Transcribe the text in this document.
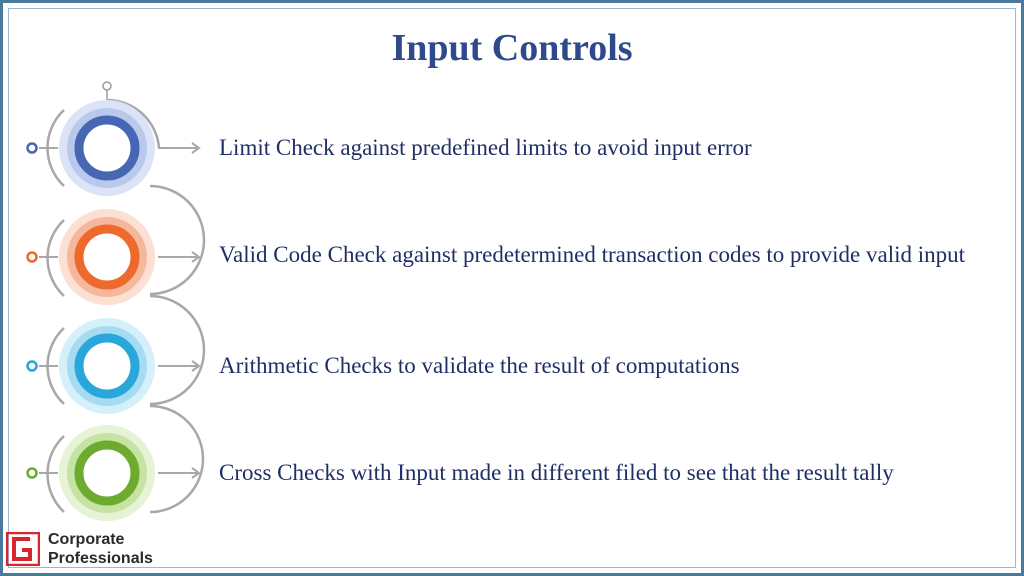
Input Controls
Limit Check against predefined limits to avoid input error
Valid Code Check against predetermined transaction codes to provide valid input
Arithmetic Checks to validate the result of computations
Cross Checks with Input made in different filed to see that the result tally
Corporate
Professionals
